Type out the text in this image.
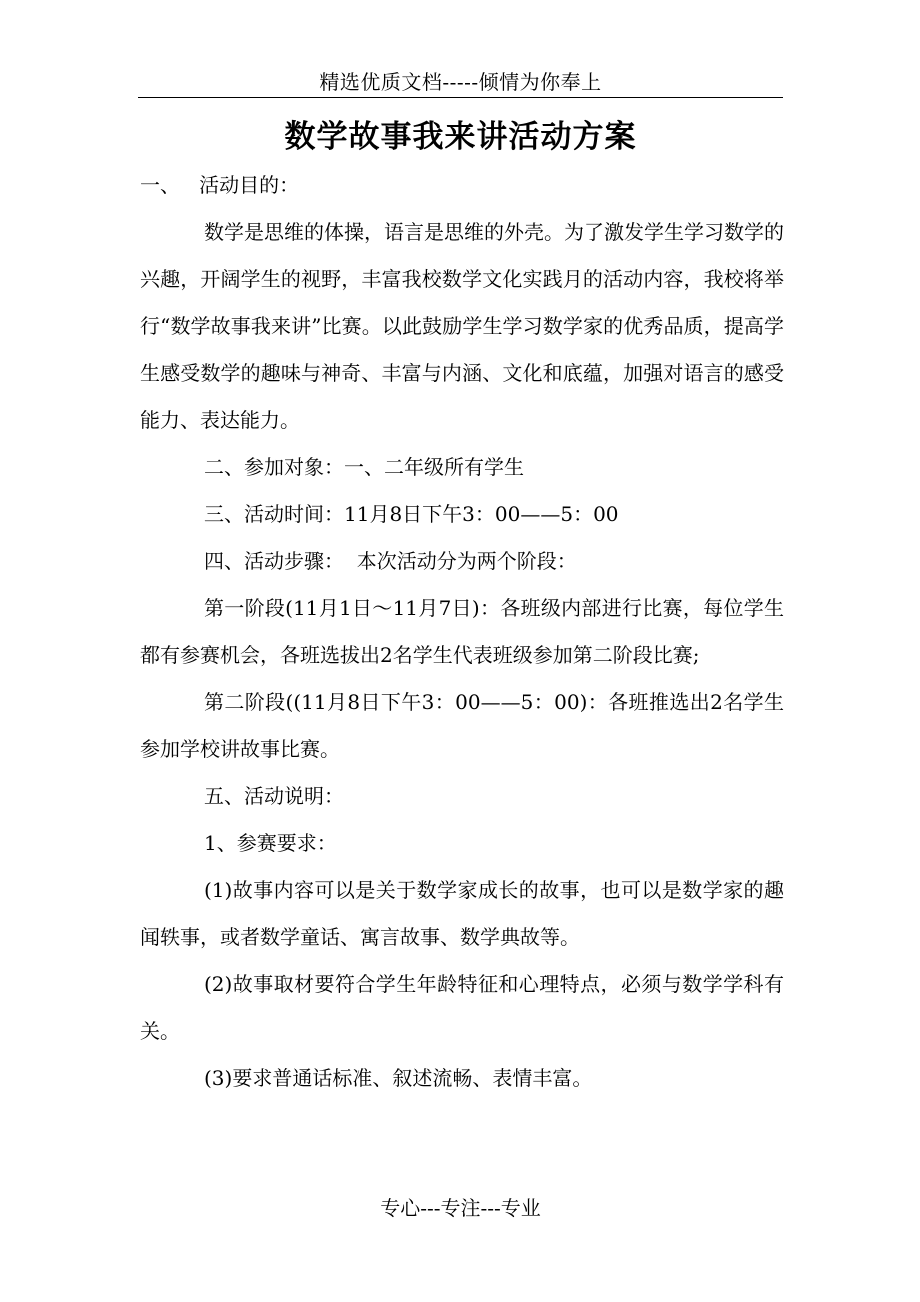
精选优质文档-----倾情为你奉上
数学故事我来讲活动方案

一、   活动目的：

数学是思维的体操，语言是思维的外壳。为了激发学生学习数学的兴趣，开阔学生的视野，丰富我校数学文化实践月的活动内容，我校将举行“数学故事我来讲”比赛。以此鼓励学生学习数学家的优秀品质，提高学生感受数学的趣味与神奇、丰富与内涵、文化和底蕴，加强对语言的感受能力、表达能力。

二、参加对象：一、二年级所有学生

三、活动时间：11月8日下午3：00——5：00

四、活动步骤：  本次活动分为两个阶段：

第一阶段(11月1日～11月7日)：各班级内部进行比赛，每位学生都有参赛机会，各班选拔出2名学生代表班级参加第二阶段比赛;

第二阶段((11月8日下午3：00——5：00)：各班推选出2名学生参加学校讲故事比赛。

五、活动说明：

1、参赛要求：

(1)故事内容可以是关于数学家成长的故事，也可以是数学家的趣闻轶事，或者数学童话、寓言故事、数学典故等。

(2)故事取材要符合学生年龄特征和心理特点，必须与数学学科有关。

(3)要求普通话标准、叙述流畅、表情丰富。

专心---专注---专业
